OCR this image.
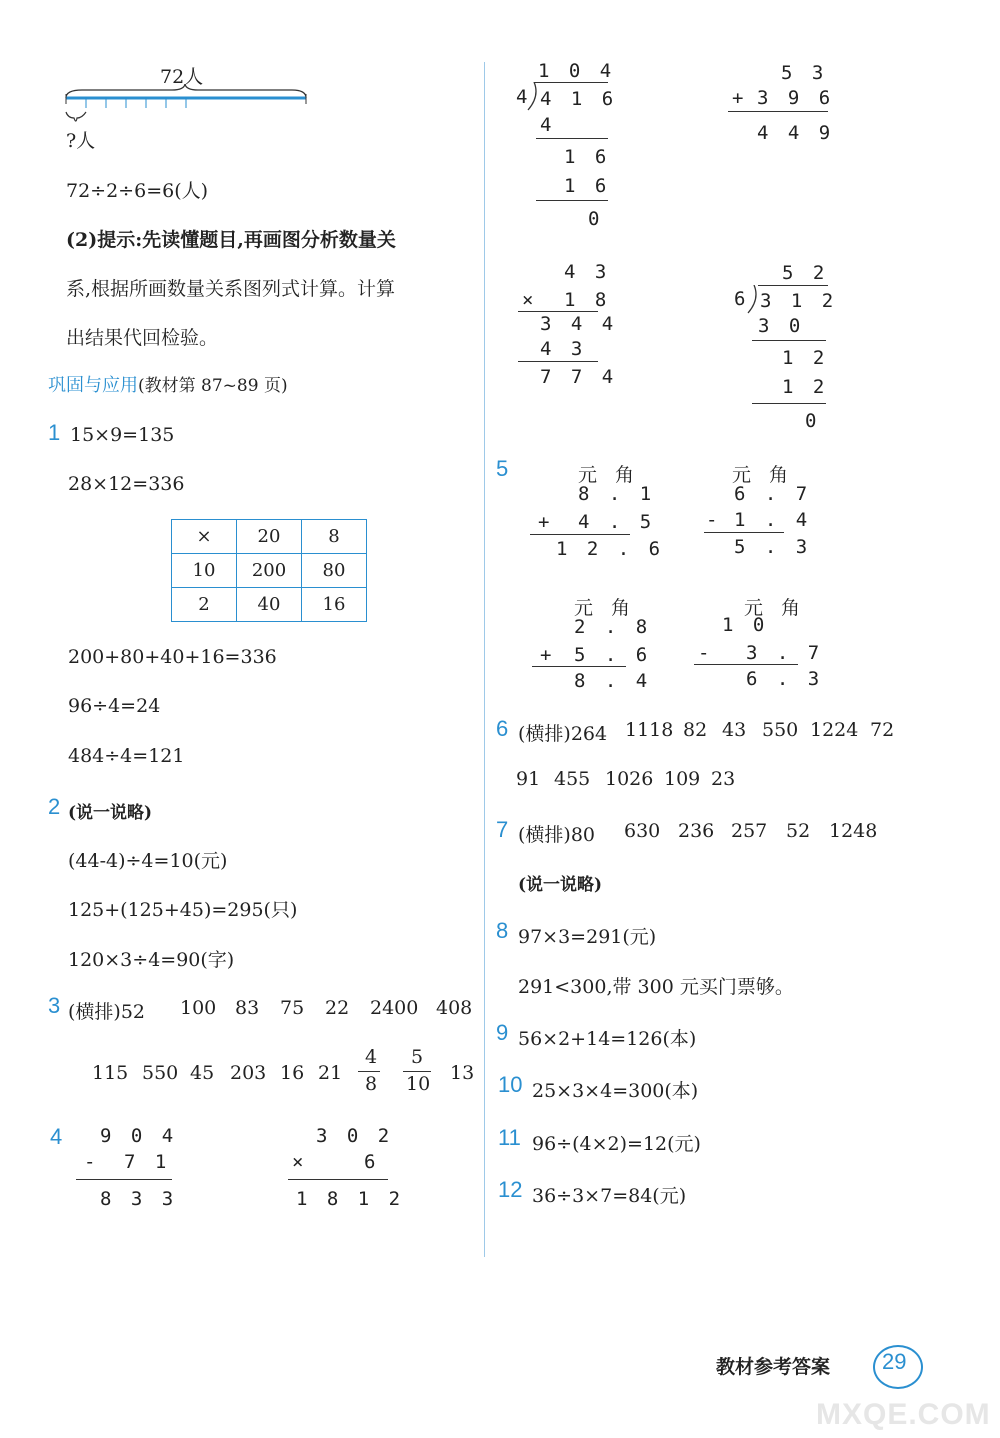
72人
?人
72÷2÷6=6(人)
(2)提示:先读懂题目,再画图分析数量关
系,根据所画数量关系图列式计算。计算
出结果代回检验。
巩固与应用(教材第 87~89 页)
1 15×9=135
28×12=336
×	20	8
10	200	80
2	40	16
200+80+40+16=336
96÷4=24
484÷4=121
2 (说一说略)
(44-4)÷4=10(元)
125+(125+45)=295(只)
120×3÷4=90(字)
3 (横排)52 100 83 75 22 2400 408
115 550 45 203 16 21
4
8
5
10 13
4 9 0 4
- 7 1
8 3 3
3 0 2
×	6
1 8 1 2
1 0 4
4 4 1 6
4
1 6
1 6
0
5 3
+ 3 9 6
4 4 9
4 3
× 1 8
3 4 4
4 3
7 7 4
5 2
6 3 1 2
3 0
1 2
1 2
0
5	元 角	元 角
8 . 1
+ 4 . 5
1 2 . 6
6 . 7
- 1 . 4
5 . 3
元 角	元 角
2 . 8
+ 5 . 6
8 . 4
1 0
- 3 . 7
6 . 3
6 (横排)264 1118 82 43 550 1224 72
91 455 1026 109 23
7 (横排)80 630 236 257 52 1248
(说一说略)
8 97×3=291(元)
291<300,带 300 元买门票够。
9 56×2+14=126(本)
10 25×3×4=300(本)
11 96÷(4×2)=12(元)
12 36÷3×7=84(元)
教材参考答案 29
MXQE.COM
